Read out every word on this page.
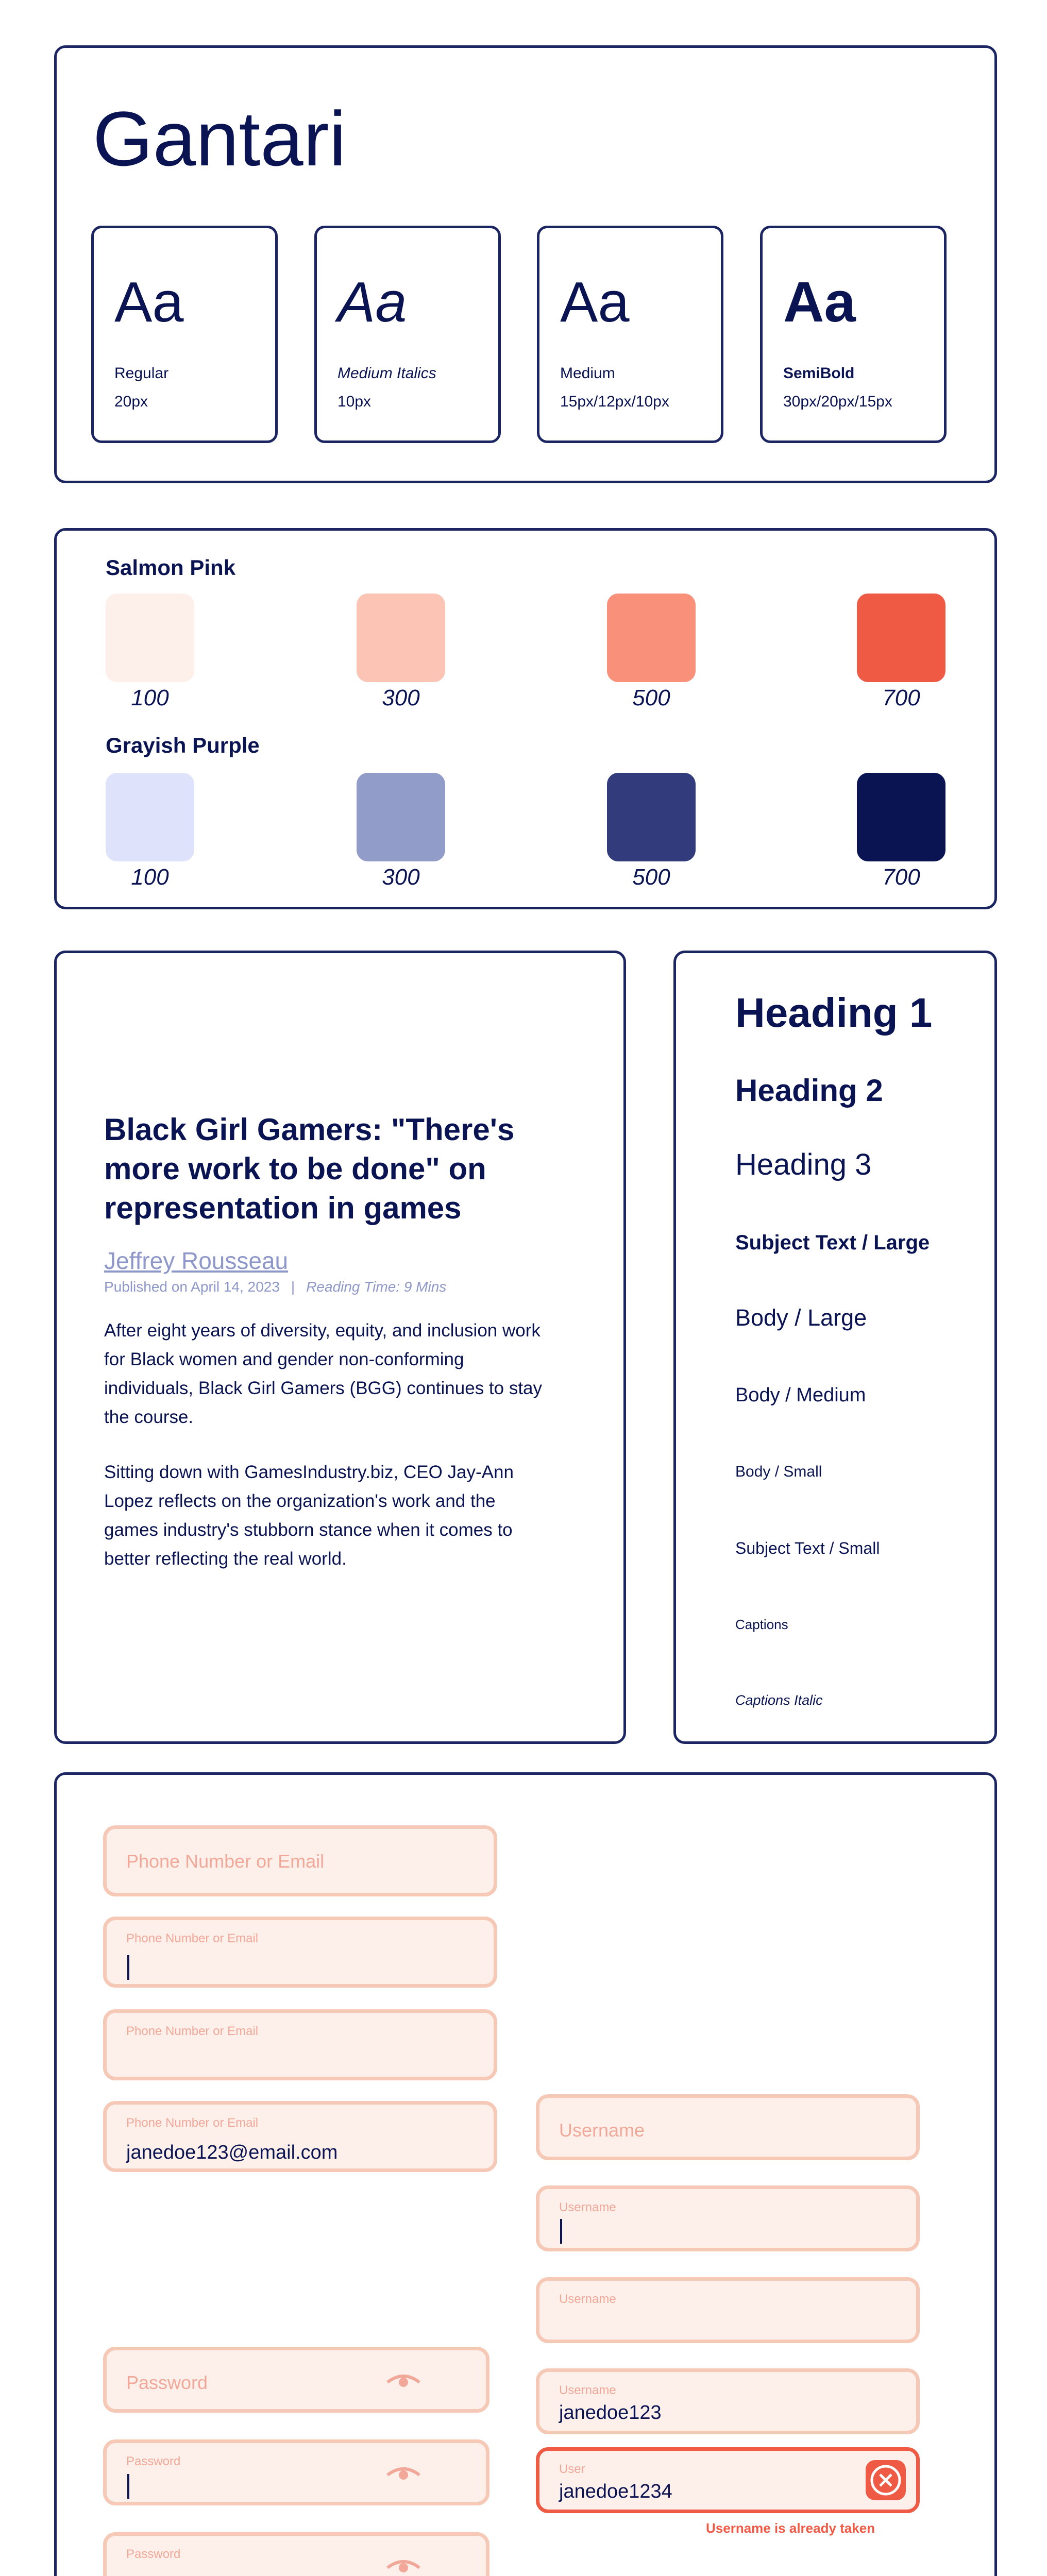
Gantari
Aa
Regular
20px
Aa
Medium Italics
10px
Aa
Medium
15px/12px/10px
Aa
SemiBold
30px/20px/15px
Salmon Pink
100	300	500	700
Grayish Purple
100	300	500	700
Black Girl Gamers: "There's more work to be done" on representation in games
Jeffrey Rousseau
Published on April 14, 2023 | Reading Time: 9 Mins
After eight years of diversity, equity, and inclusion work for Black women and gender non-conforming individuals, Black Girl Gamers (BGG) continues to stay the course.
Sitting down with GamesIndustry.biz, CEO Jay-Ann Lopez reflects on the organization's work and the games industry's stubborn stance when it comes to better reflecting the real world.
Heading 1
Heading 2
Heading 3
Subject Text / Large
Body / Large
Body / Medium
Body / Small
Subject Text / Small
Captions
Captions Italic
Phone Number or Email
Phone Number or Email
Phone Number or Email
Phone Number or Email
janedoe123@email.com
Password
Password
Password
Username
Username
Username
Username
janedoe123
User
janedoe1234
Username is already taken
